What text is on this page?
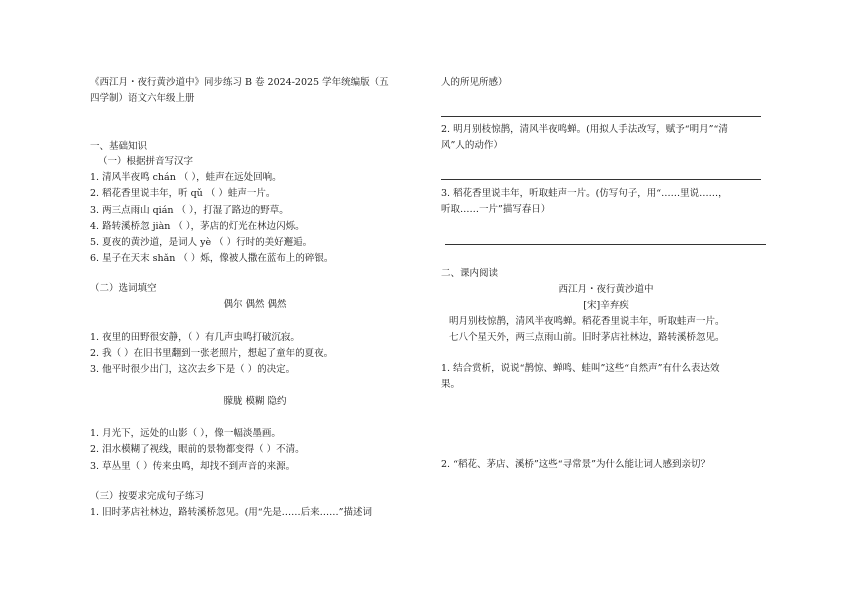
《西江月・夜行黄沙道中》同步练习 B 卷 2024-2025 学年统编版（五
四学制）语文六年级上册
一、基础知识
（一）根据拼音写汉字
1. 清风半夜鸣 chán （ ），蛙声在远处回响。
2. 稻花香里说丰年，听 qǔ （ ）蛙声一片。
3. 两三点雨山 qián （ ），打湿了路边的野草。
4. 路转溪桥忽 jiàn （ ），茅店的灯光在林边闪烁。
5. 夏夜的黄沙道，是词人 yè （ ）行时的美好邂逅。
6. 星子在天末 shǎn （ ）烁，像被人撒在蓝布上的碎银。
（二）选词填空
偶尔 偶然 偶然
1. 夜里的田野很安静，（ ）有几声虫鸣打破沉寂。
2. 我（ ）在旧书里翻到一张老照片，想起了童年的夏夜。
3. 他平时很少出门，这次去乡下是（ ）的决定。
朦胧 模糊 隐约
1. 月光下，远处的山影（ ），像一幅淡墨画。
2. 泪水模糊了视线，眼前的景物都变得（ ）不清。
3. 草丛里（ ）传来虫鸣，却找不到声音的来源。
（三）按要求完成句子练习
1. 旧时茅店社林边，路转溪桥忽见。(用“先是……后来……”描述词
人的所见所感）
2. 明月别枝惊鹊，清风半夜鸣蝉。(用拟人手法改写，赋予“明月”“清
风”人的动作）
3. 稻花香里说丰年，听取蛙声一片。(仿写句子，用“……里说……，
听取……一片”描写春日）
二、课内阅读
西江月・夜行黄沙道中
[宋]辛弃疾
明月别枝惊鹊，清风半夜鸣蝉。稻花香里说丰年，听取蛙声一片。
七八个星天外，两三点雨山前。旧时茅店社林边，路转溪桥忽见。
1. 结合赏析，说说“鹊惊、蝉鸣、蛙叫”这些“自然声”有什么表达效
果。
2. “稻花、茅店、溪桥”这些“寻常景”为什么能让词人感到亲切？
